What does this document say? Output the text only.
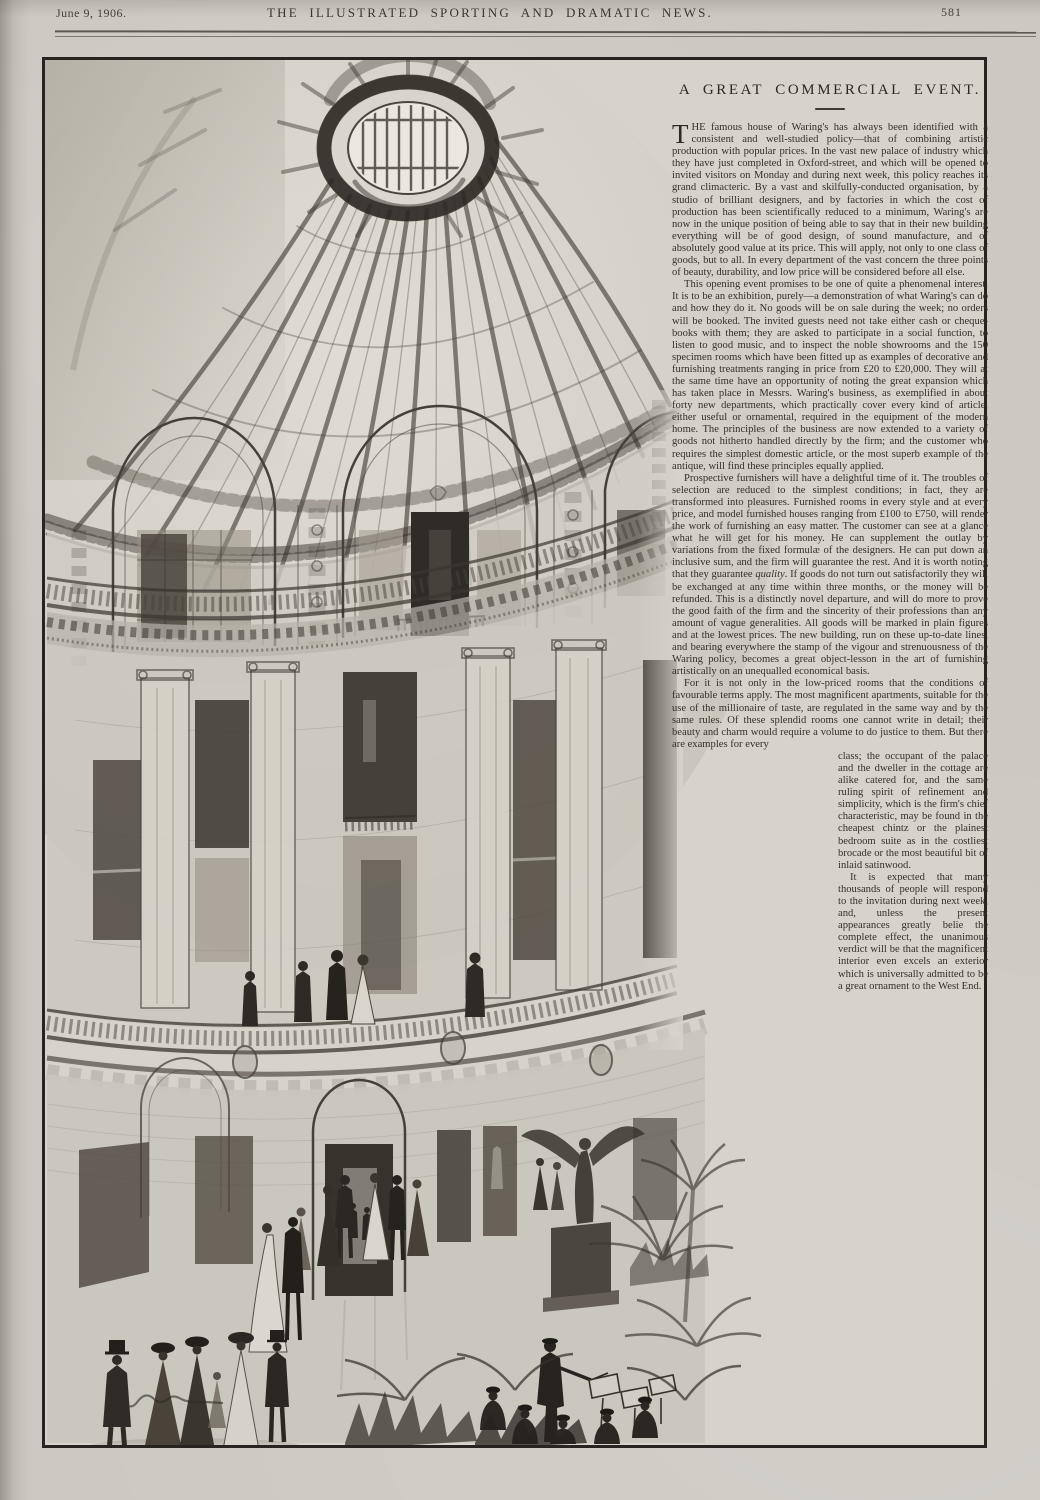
June 9, 1906.	THE ILLUSTRATED SPORTING AND DRAMATIC NEWS.	581
A GREAT COMMERCIAL EVENT.

THE famous house of Waring's has always been identified with a consistent and well-studied policy—that of combining artistic production with popular prices. In the vast new palace of industry which they have just completed in Oxford-street, and which will be opened to invited visitors on Monday and during next week, this policy reaches its grand climacteric. By a vast and skilfully-conducted organisation, by a studio of brilliant designers, and by factories in which the cost of production has been scientifically reduced to a minimum, Waring's are now in the unique position of being able to say that in their new building everything will be of good design, of sound manufacture, and of absolutely good value at its price. This will apply, not only to one class of goods, but to all. In every department of the vast concern the three points of beauty, durability, and low price will be considered before all else.

This opening event promises to be one of quite a phenomenal interest. It is to be an exhibition, purely—a demonstration of what Waring's can do and how they do it. No goods will be on sale during the week; no orders will be booked. The invited guests need not take either cash or cheque-books with them; they are asked to participate in a social function, to listen to good music, and to inspect the noble showrooms and the 150 specimen rooms which have been fitted up as examples of decorative and furnishing treatments ranging in price from £20 to £20,000. They will at the same time have an opportunity of noting the great expansion which has taken place in Messrs. Waring's business, as exemplified in about forty new departments, which practically cover every kind of article, either useful or ornamental, required in the equipment of the modern home. The principles of the business are now extended to a variety of goods not hitherto handled directly by the firm; and the customer who requires the simplest domestic article, or the most superb example of the antique, will find these principles equally applied.

Prospective furnishers will have a delightful time of it. The troubles of selection are reduced to the simplest conditions; in fact, they are transformed into pleasures. Furnished rooms in every style and at every price, and model furnished houses ranging from £100 to £750, will render the work of furnishing an easy matter. The customer can see at a glance what he will get for his money. He can supplement the outlay by variations from the fixed formulæ of the designers. He can put down an inclusive sum, and the firm will guarantee the rest. And it is worth noting that they guarantee quality. If goods do not turn out satisfactorily they will be exchanged at any time within three months, or the money will be refunded. This is a distinctly novel departure, and will do more to prove the good faith of the firm and the sincerity of their professions than any amount of vague generalities. All goods will be marked in plain figures and at the lowest prices. The new building, run on these up-to-date lines, and bearing everywhere the stamp of the vigour and strenuousness of the Waring policy, becomes a great object-lesson in the art of furnishing artistically on an unequalled economical basis.

For it is not only in the low-priced rooms that the conditions of favourable terms apply. The most magnificent apartments, suitable for the use of the millionaire of taste, are regulated in the same way and by the same rules. Of these splendid rooms one cannot write in detail; their beauty and charm would require a volume to do justice to them. But there are examples for every

class; the occupant of the palace and the dweller in the cottage are alike catered for, and the same ruling spirit of refinement and simplicity, which is the firm's chief characteristic, may be found in the cheapest chintz or the plainest bedroom suite as in the costliest brocade or the most beautiful bit of inlaid satinwood.

It is expected that many thousands of people will respond to the invitation during next week, and, unless the present appearances greatly belie the complete effect, the unanimous verdict will be that the magnificent interior even excels an exterior which is universally admitted to be a great ornament to the West End.
